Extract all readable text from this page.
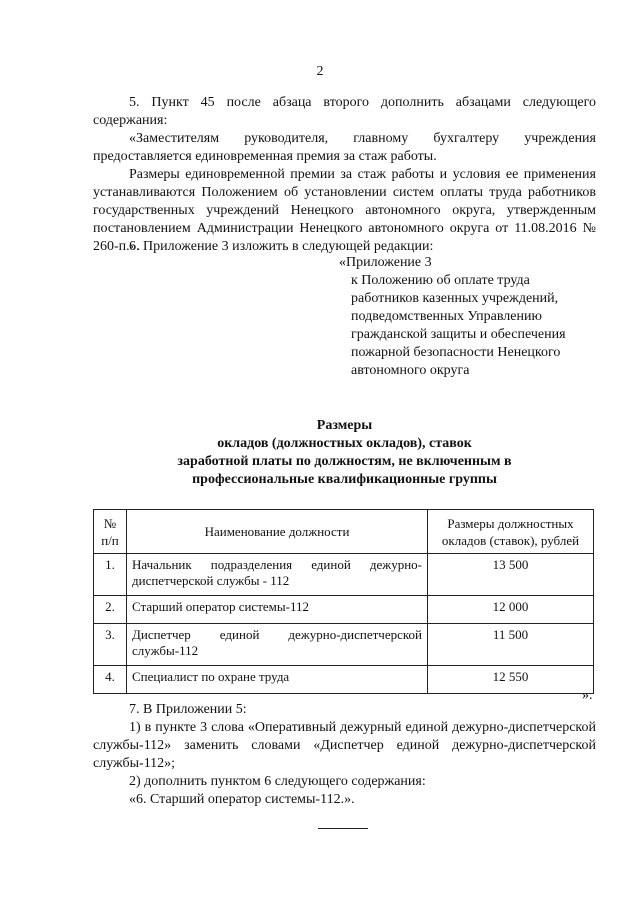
2
5. Пункт 45 после абзаца второго дополнить абзацами следующего содержания:
«Заместителям руководителя, главному бухгалтеру учреждения предоставляется единовременная премия за стаж работы.
Размеры единовременной премии за стаж работы и условия ее применения устанавливаются Положением об установлении систем оплаты труда работников государственных учреждений Ненецкого автономного округа, утвержденным постановлением Администрации Ненецкого автономного округа от 11.08.2016 № 260-п.».
6. Приложение 3 изложить в следующей редакции:
«Приложение 3
к Положению об оплате труда
работников казенных учреждений,
подведомственных Управлению
гражданской защиты и обеспечения
пожарной безопасности Ненецкого
автономного округа
Размеры
окладов (должностных окладов), ставок
заработной платы по должностям, не включенным в
профессиональные квалификационные группы
№ п/п	Наименование должности	Размеры должностных окладов (ставок), рублей
1.	Начальник подразделения единой дежурно-диспетчерской службы - 112	13 500
2.	Старший оператор системы-112	12 000
3.	Диспетчер единой дежурно-диспетчерской службы-112	11 500
4.	Специалист по охране труда	12 550
».
7. В Приложении 5:
1) в пункте 3 слова «Оперативный дежурный единой дежурно-диспетчерской службы-112» заменить словами «Диспетчер единой дежурно-диспетчерской службы-112»;
2) дополнить пунктом 6 следующего содержания:
«6. Старший оператор системы-112.».
